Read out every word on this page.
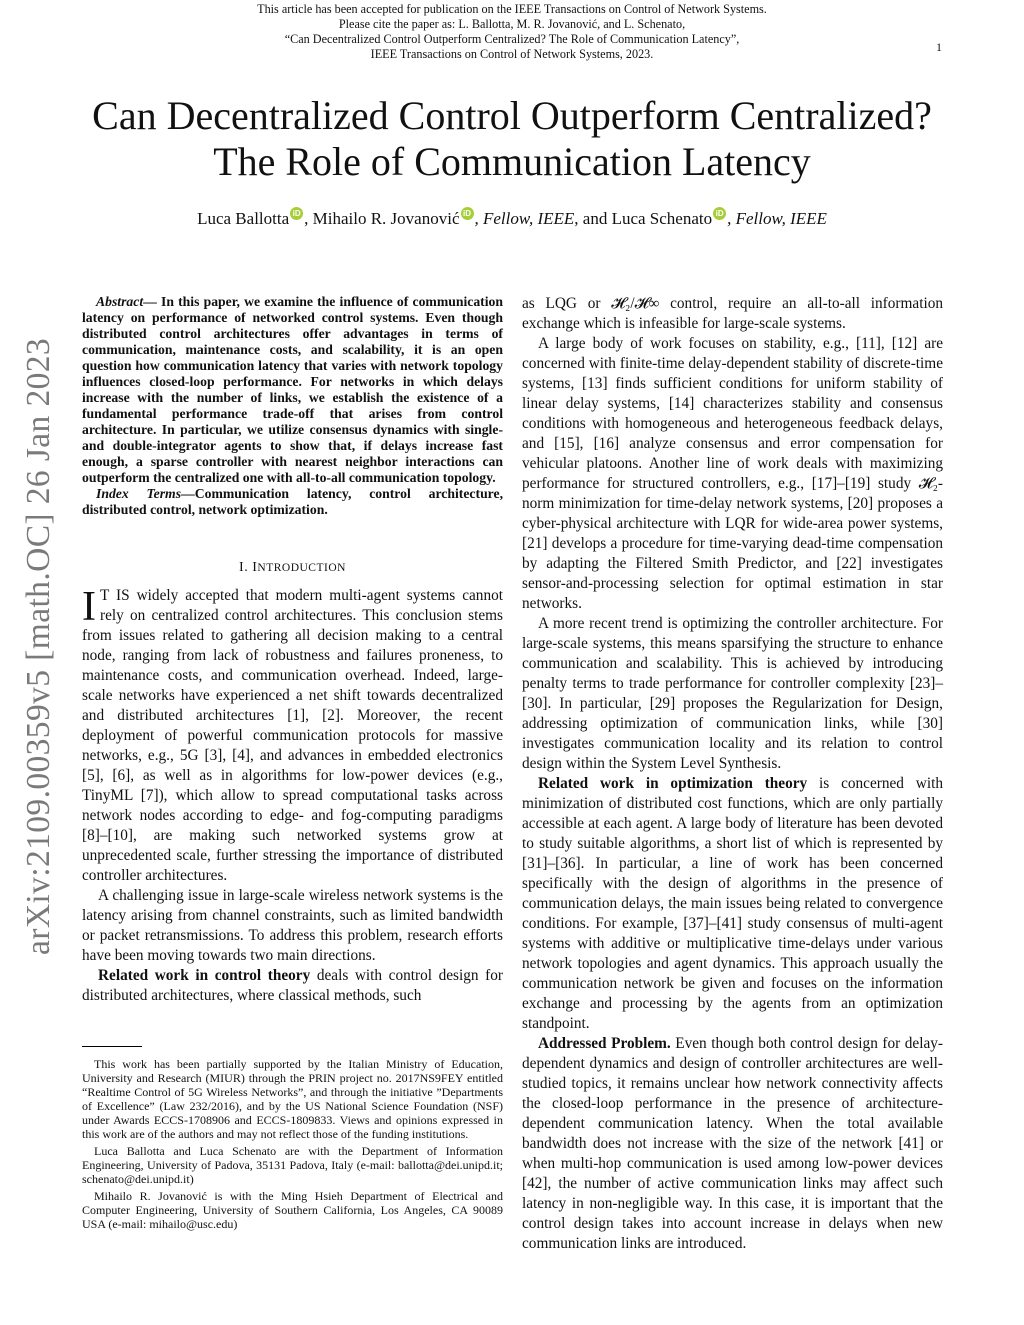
This article has been accepted for publication on the IEEE Transactions on Control of Network Systems.
Please cite the paper as: L. Ballotta, M. R. Jovanović, and L. Schenato,
“Can Decentralized Control Outperform Centralized? The Role of Communication Latency”,
IEEE Transactions on Control of Network Systems, 2023.	1
Can Decentralized Control Outperform Centralized?
The Role of Communication Latency
Luca Ballotta iD , Mihailo R. Jovanović iD , Fellow, IEEE, and Luca Schenato iD , Fellow, IEEE
arXiv:2109.00359v5 [math.OC] 26 Jan 2023

Abstract— In this paper, we examine the influence of communication latency on performance of networked control systems. Even though distributed control architectures offer advantages in terms of communication, maintenance costs, and scalability, it is an open question how communication latency that varies with network topology influences closed-loop performance. For networks in which delays increase with the number of links, we establish the existence of a fundamental performance trade-off that arises from control architecture. In particular, we utilize consensus dynamics with single- and double-integrator agents to show that, if delays increase fast enough, a sparse controller with nearest neighbor interactions can outperform the centralized one with all-to-all communication topology.

Index Terms—Communication latency, control architecture, distributed control, network optimization.

I. INTRODUCTION

I T IS widely accepted that modern multi-agent systems cannot rely on centralized control architectures. This conclusion stems from issues related to gathering all decision making to a central node, ranging from lack of robustness and failures proneness, to maintenance costs, and communication overhead. Indeed, large-scale networks have experienced a net shift towards decentralized and distributed architectures [1], [2]. Moreover, the recent deployment of powerful communication protocols for massive networks, e.g., 5G [3], [4], and advances in embedded electronics [5], [6], as well as in algorithms for low-power devices (e.g., TinyML [7]), which allow to spread computational tasks across network nodes according to edge- and fog-computing paradigms [8]–[10], are making such networked systems grow at unprecedented scale, further stressing the importance of distributed controller architectures.

A challenging issue in large-scale wireless network systems is the latency arising from channel constraints, such as limited bandwidth or packet retransmissions. To address this problem, research efforts have been moving towards two main directions.

Related work in control theory deals with control design for distributed architectures, where classical methods, such

This work has been partially supported by the Italian Ministry of Education, University and Research (MIUR) through the PRIN project no. 2017NS9FEY entitled “Realtime Control of 5G Wireless Networks”, and through the initiative ”Departments of Excellence” (Law 232/2016), and by the US National Science Foundation (NSF) under Awards ECCS-1708906 and ECCS-1809833. Views and opinions expressed in this work are of the authors and may not reflect those of the funding institutions.

Luca Ballotta and Luca Schenato are with the Department of Information Engineering, University of Padova, 35131 Padova, Italy (e-mail: ballotta@dei.unipd.it; schenato@dei.unipd.it)

Mihailo R. Jovanović is with the Ming Hsieh Department of Electrical and Computer Engineering, University of Southern California, Los Angeles, CA 90089 USA (e-mail: mihailo@usc.edu)

as LQG or 𝓗₂/𝓗∞ control, require an all-to-all information exchange which is infeasible for large-scale systems.

A large body of work focuses on stability, e.g., [11], [12] are concerned with finite-time delay-dependent stability of discrete-time systems, [13] finds sufficient conditions for uniform stability of linear delay systems, [14] characterizes stability and consensus conditions with homogeneous and heterogeneous feedback delays, and [15], [16] analyze consensus and error compensation for vehicular platoons. Another line of work deals with maximizing performance for structured controllers, e.g., [17]–[19] study 𝓗₂-norm minimization for time-delay network systems, [20] proposes a cyber-physical architecture with LQR for wide-area power systems, [21] develops a procedure for time-varying dead-time compensation by adapting the Filtered Smith Predictor, and [22] investigates sensor-and-processing selection for optimal estimation in star networks.

A more recent trend is optimizing the controller architecture. For large-scale systems, this means sparsifying the structure to enhance communication and scalability. This is achieved by introducing penalty terms to trade performance for controller complexity [23]–[30]. In particular, [29] proposes the Regularization for Design, addressing optimization of communication links, while [30] investigates communication locality and its relation to control design within the System Level Synthesis.

Related work in optimization theory is concerned with minimization of distributed cost functions, which are only partially accessible at each agent. A large body of literature has been devoted to study suitable algorithms, a short list of which is represented by [31]–[36]. In particular, a line of work has been concerned specifically with the design of algorithms in the presence of communication delays, the main issues being related to convergence conditions. For example, [37]–[41] study consensus of multi-agent systems with additive or multiplicative time-delays under various network topologies and agent dynamics. This approach usually the communication network be given and focuses on the information exchange and processing by the agents from an optimization standpoint.

Addressed Problem. Even though both control design for delay-dependent dynamics and design of controller architectures are well-studied topics, it remains unclear how network connectivity affects the closed-loop performance in the presence of architecture-dependent communication latency. When the total available bandwidth does not increase with the size of the network [41] or when multi-hop communication is used among low-power devices [42], the number of active communication links may affect such latency in non-negligible way. In this case, it is important that the control design takes into account increase in delays when new communication links are introduced.
